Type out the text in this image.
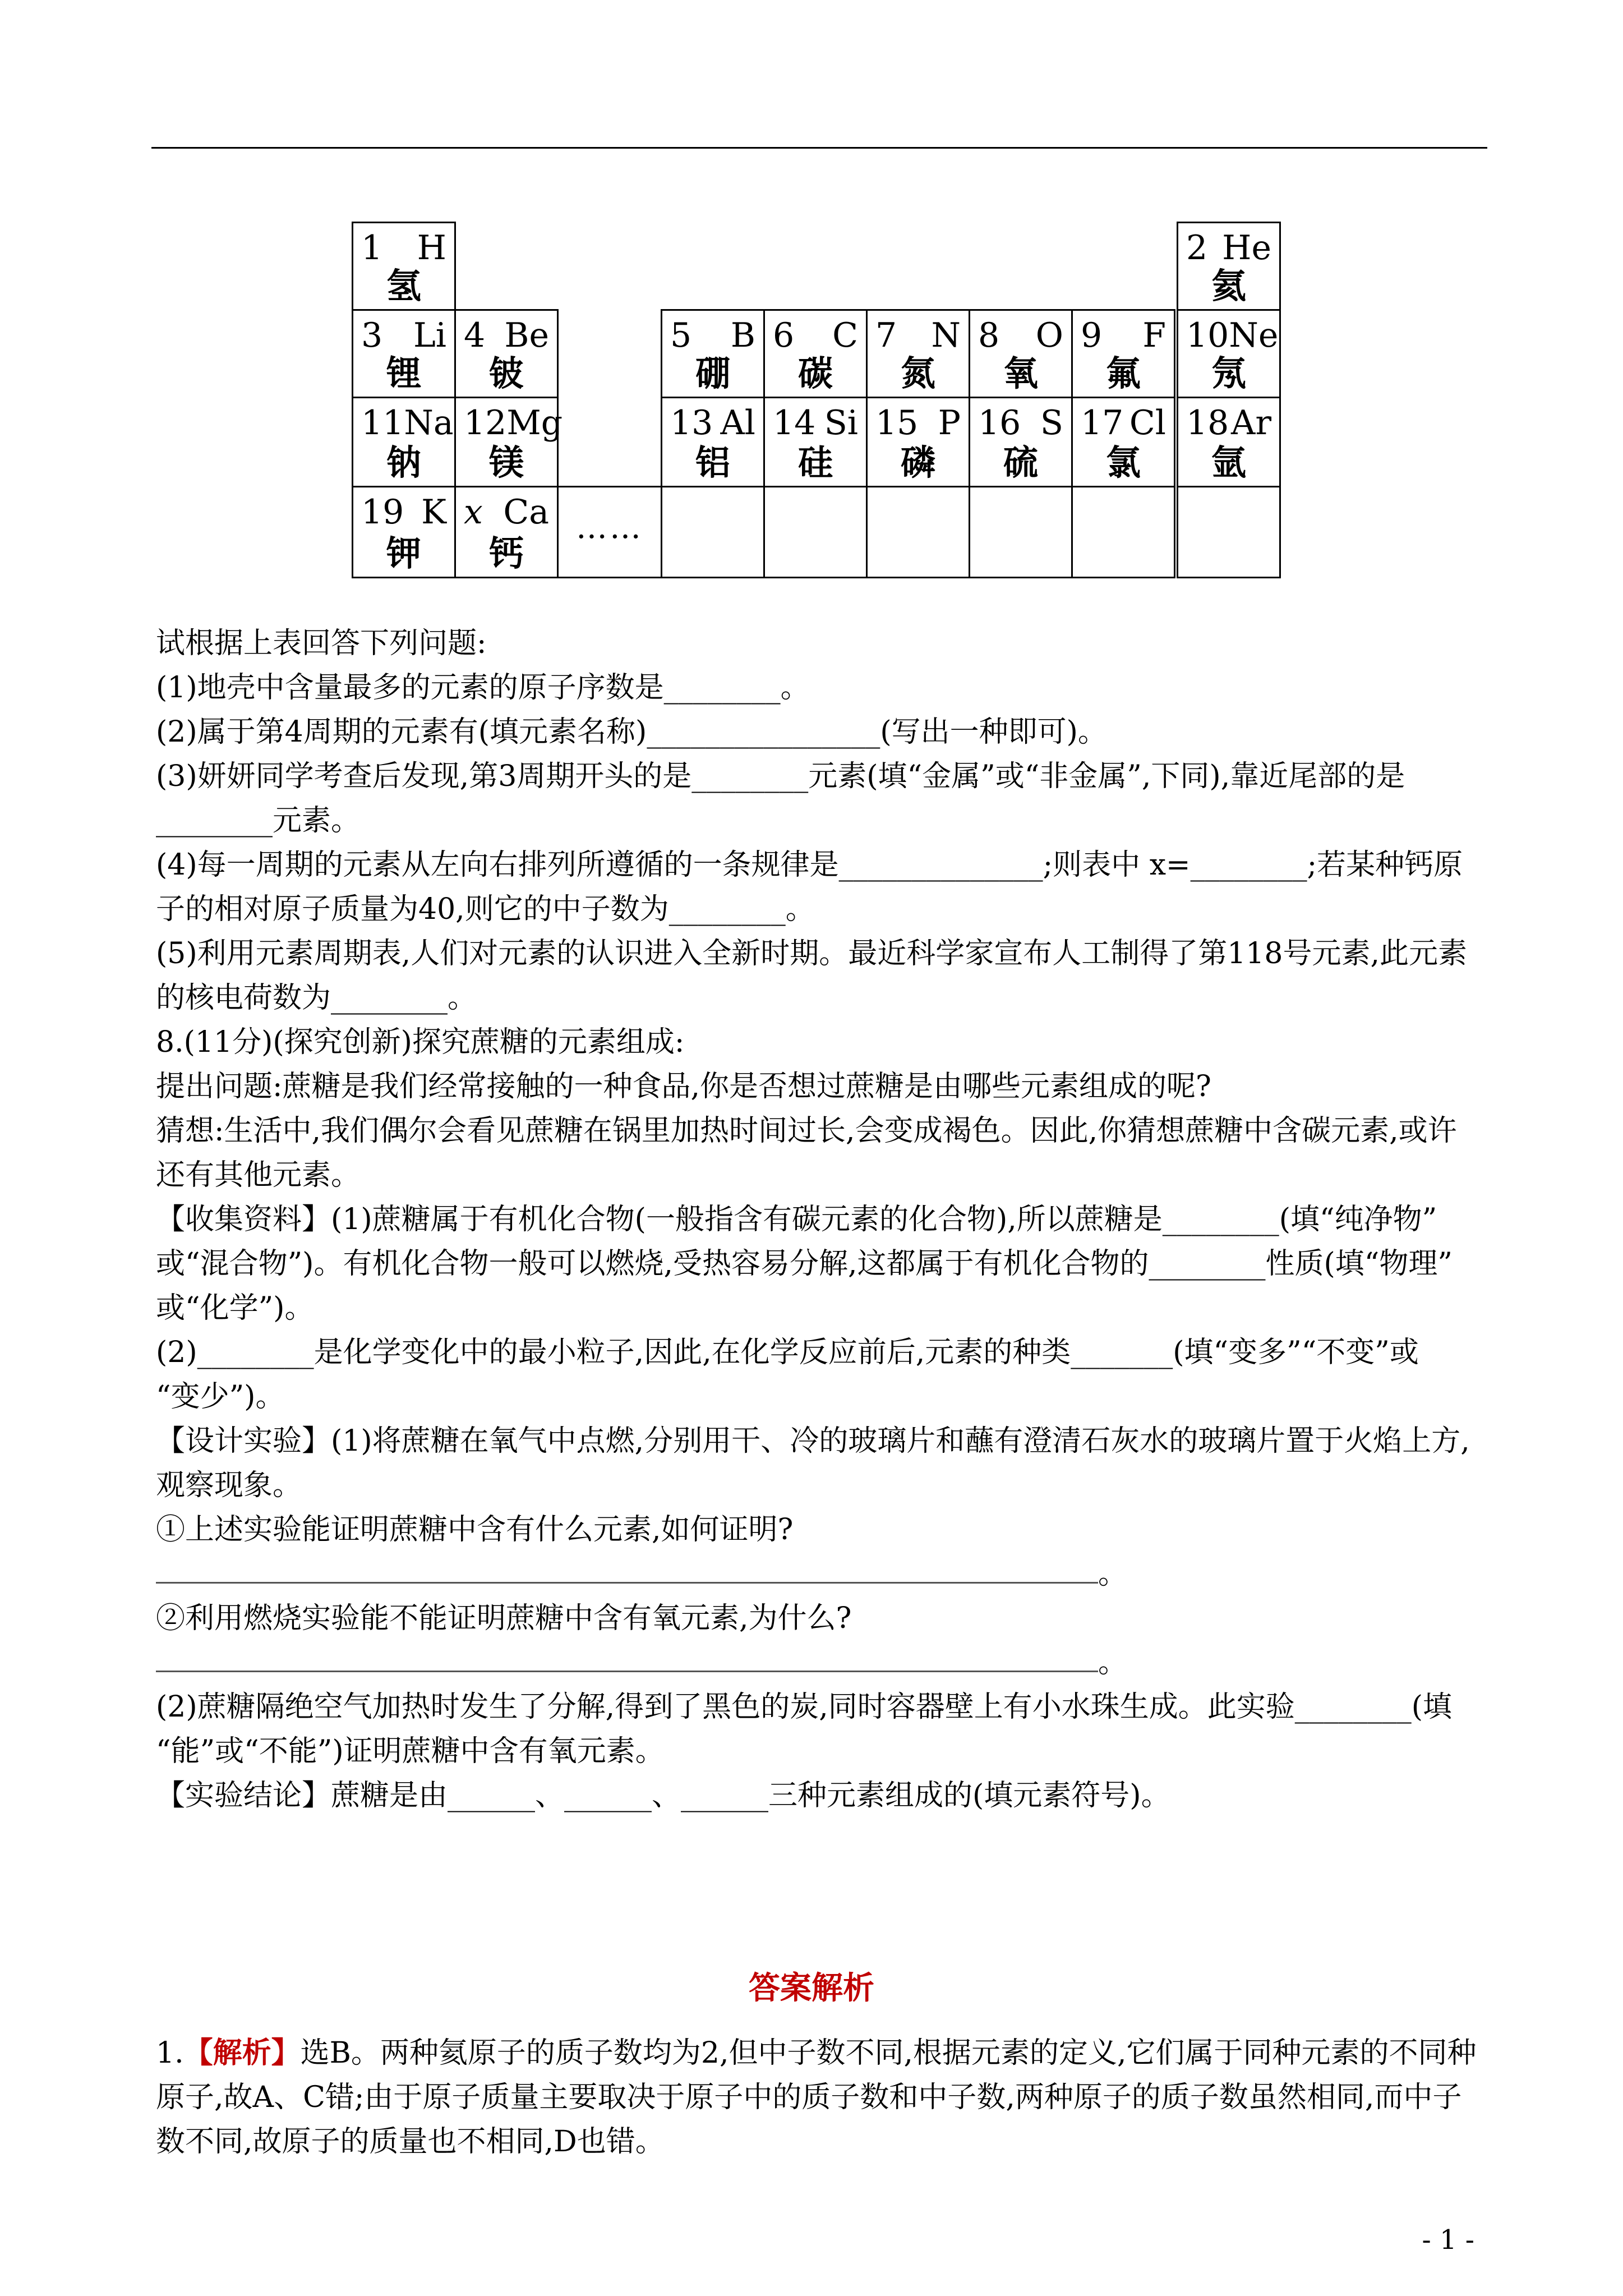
1 H
氢
2 He
氦
3 Li
锂
4 Be
铍
5 B
硼
6 C
碳
7 N
氮
8 O
氧
9 F
氟
10 Ne
氖
11 Na
钠
12 Mg
镁
13 Al
铝
14 Si
硅
15 P
磷
16 S
硫
17 Cl
氯
18 Ar
氩
19 K
钾
x Ca
钙
……

试根据上表回答下列问题:

(1)地壳中含量最多的元素的原子序数是________。

(2)属于第4周期的元素有(填元素名称)________________(写出一种即可)。

(3)妍妍同学考查后发现,第3周期开头的是________元素(填“金属”或“非金属”,下同),靠近尾部的是

________元素。

(4)每一周期的元素从左向右排列所遵循的一条规律是______________;则表中 x=________;若某种钙原

子的相对原子质量为40,则它的中子数为________。

(5)利用元素周期表,人们对元素的认识进入全新时期。最近科学家宣布人工制得了第118号元素,此元素

的核电荷数为________。

8.(11分)(探究创新)探究蔗糖的元素组成:

提出问题:蔗糖是我们经常接触的一种食品,你是否想过蔗糖是由哪些元素组成的呢?

猜想:生活中,我们偶尔会看见蔗糖在锅里加热时间过长,会变成褐色。因此,你猜想蔗糖中含碳元素,或许

还有其他元素。

【收集资料】(1)蔗糖属于有机化合物(一般指含有碳元素的化合物),所以蔗糖是________(填“纯净物”

或“混合物”)。有机化合物一般可以燃烧,受热容易分解,这都属于有机化合物的________性质(填“物理”

或“化学”)。

(2)________是化学变化中的最小粒子,因此,在化学反应前后,元素的种类_______(填“变多”“不变”或

“变少”)。

【设计实验】(1)将蔗糖在氧气中点燃,分别用干、冷的玻璃片和蘸有澄清石灰水的玻璃片置于火焰上方,

观察现象。

①上述实验能证明蔗糖中含有什么元素,如何证明?

。

②利用燃烧实验能不能证明蔗糖中含有氧元素,为什么?

。

(2)蔗糖隔绝空气加热时发生了分解,得到了黑色的炭,同时容器壁上有小水珠生成。此实验________(填

“能”或“不能”)证明蔗糖中含有氧元素。

【实验结论】蔗糖是由______、______、______三种元素组成的(填元素符号)。

答案解析

1.【解析】选B。两种氦原子的质子数均为2,但中子数不同,根据元素的定义,它们属于同种元素的不同种

原子,故A、C错;由于原子质量主要取决于原子中的质子数和中子数,两种原子的质子数虽然相同,而中子

数不同,故原子的质量也不相同,D也错。

- 1 -
